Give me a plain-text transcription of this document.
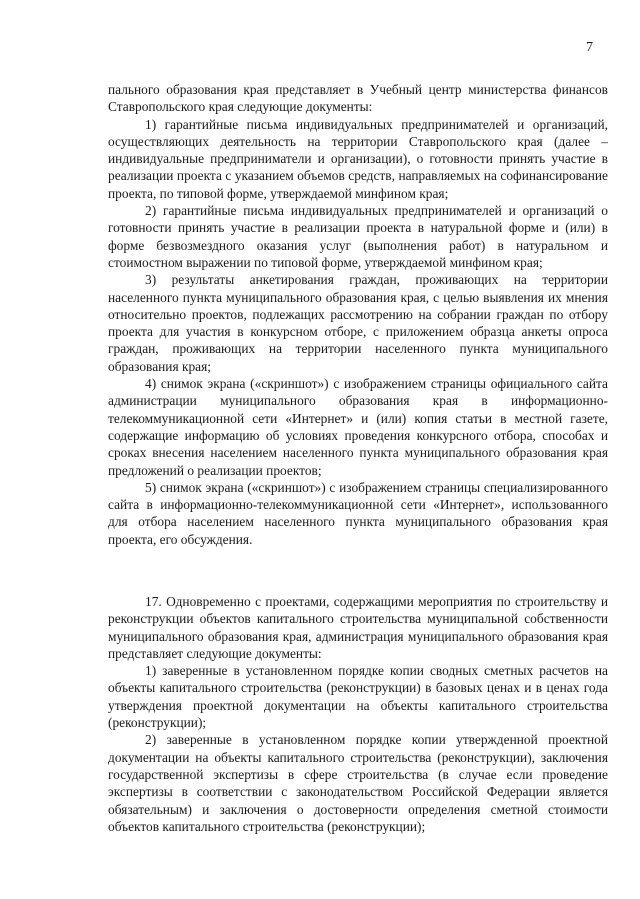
7

пального образования края представляет в Учебный центр министерства финансов Ставропольского края следующие документы:

1) гарантийные письма индивидуальных предпринимателей и организаций, осуществляющих деятельность на территории Ставропольского края (далее – индивидуальные предприниматели и организации), о готовности принять участие в реализации проекта с указанием объемов средств, направляемых на софинансирование проекта, по типовой форме, утверждаемой минфином края;

2) гарантийные письма индивидуальных предпринимателей и организаций о готовности принять участие в реализации проекта в натуральной форме и (или) в форме безвозмездного оказания услуг (выполнения работ) в натуральном и стоимостном выражении по типовой форме, утверждаемой минфином края;

3) результаты анкетирования граждан, проживающих на территории населенного пункта муниципального образования края, с целью выявления их мнения относительно проектов, подлежащих рассмотрению на собрании граждан по отбору проекта для участия в конкурсном отборе, с приложением образца анкеты опроса граждан, проживающих на территории населенного пункта муниципального образования края;

4) снимок экрана («скриншот») с изображением страницы официального сайта администрации муниципального образования края в информационно-телекоммуникационной сети «Интернет» и (или) копия статьи в местной газете, содержащие информацию об условиях проведения конкурсного отбора, способах и сроках внесения населением населенного пункта муниципального образования края предложений о реализации проектов;

5) снимок экрана («скриншот») с изображением страницы специализированного сайта в информационно-телекоммуникационной сети «Интернет», использованного для отбора населением населенного пункта муниципального образования края проекта, его обсуждения.

17. Одновременно с проектами, содержащими мероприятия по строительству и реконструкции объектов капитального строительства муниципальной собственности муниципального образования края, администрация муниципального образования края представляет следующие документы:

1) заверенные в установленном порядке копии сводных сметных расчетов на объекты капитального строительства (реконструкции) в базовых ценах и в ценах года утверждения проектной документации на объекты капитального строительства (реконструкции);

2) заверенные в установленном порядке копии утвержденной проектной документации на объекты капитального строительства (реконструкции), заключения государственной экспертизы в сфере строительства (в случае если проведение экспертизы в соответствии с законодательством Российской Федерации является обязательным) и заключения о достоверности определения сметной стоимости объектов капитального строительства (реконструкции);
